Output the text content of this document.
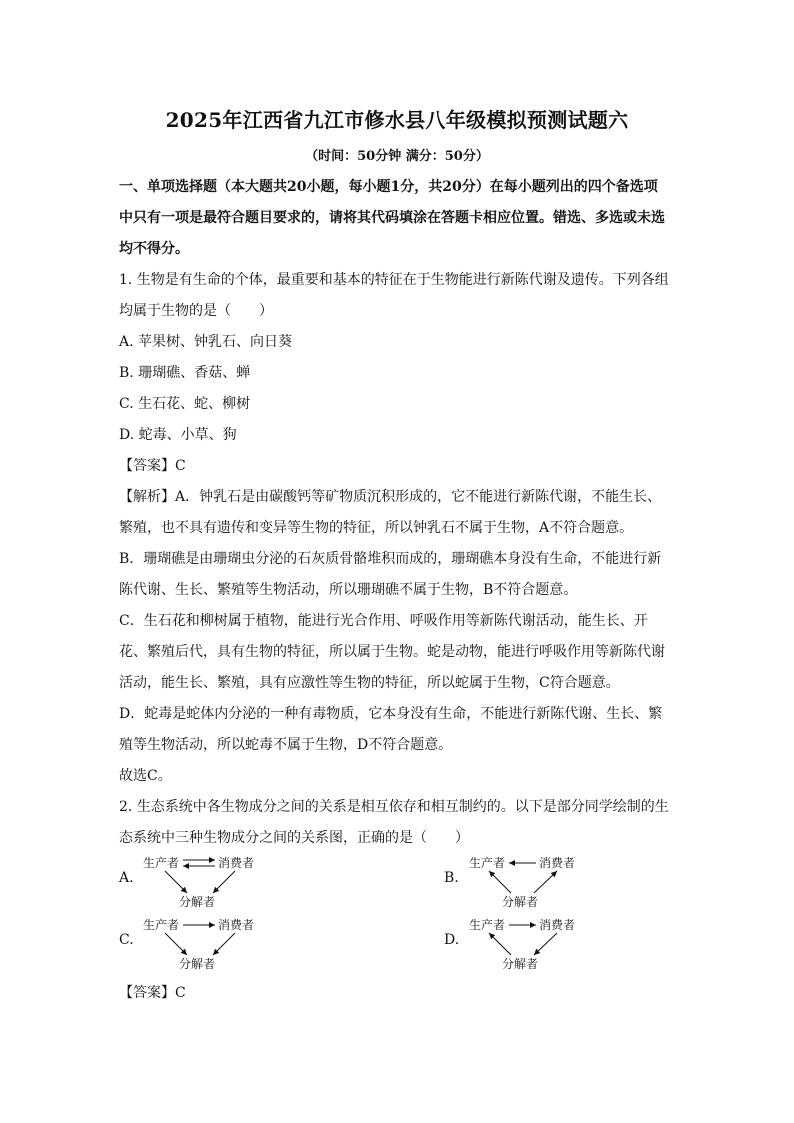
2025年江西省九江市修水县八年级模拟预测试题六
（时间：50分钟 满分：50分）

一、单项选择题（本大题共20小题，每小题1分，共20分）在每小题列出的四个备选项

中只有一项是最符合题目要求的，请将其代码填涂在答题卡相应位置。错选、多选或未选

均不得分。

1. 生物是有生命的个体，最重要和基本的特征在于生物能进行新陈代谢及遗传。下列各组

均属于生物的是（　　）

A. 苹果树、钟乳石、向日葵

B. 珊瑚礁、香菇、蝉

C. 生石花、蛇、柳树

D. 蛇毒、小草、狗

【答案】C

【解析】A．钟乳石是由碳酸钙等矿物质沉积形成的，它不能进行新陈代谢，不能生长、

繁殖，也不具有遗传和变异等生物的特征，所以钟乳石不属于生物，A不符合题意。

B．珊瑚礁是由珊瑚虫分泌的石灰质骨骼堆积而成的，珊瑚礁本身没有生命，不能进行新

陈代谢、生长、繁殖等生物活动，所以珊瑚礁不属于生物，B不符合题意。

C．生石花和柳树属于植物，能进行光合作用、呼吸作用等新陈代谢活动，能生长、开

花、繁殖后代，具有生物的特征，所以属于生物。蛇是动物，能进行呼吸作用等新陈代谢

活动，能生长、繁殖，具有应激性等生物的特征，所以蛇属于生物，C符合题意。

D．蛇毒是蛇体内分泌的一种有毒物质，它本身没有生命，不能进行新陈代谢、生长、繁

殖等生物活动，所以蛇毒不属于生物，D不符合题意。

故选C。

2. 生态系统中各生物成分之间的关系是相互依存和相互制约的。以下是部分同学绘制的生

态系统中三种生物成分之间的关系图，正确的是（　　）

A.
生产者	消费者
分解者
B.
生产者	消费者
分解者
C.
生产者	消费者
分解者
D.
生产者	消费者
分解者

【答案】C
